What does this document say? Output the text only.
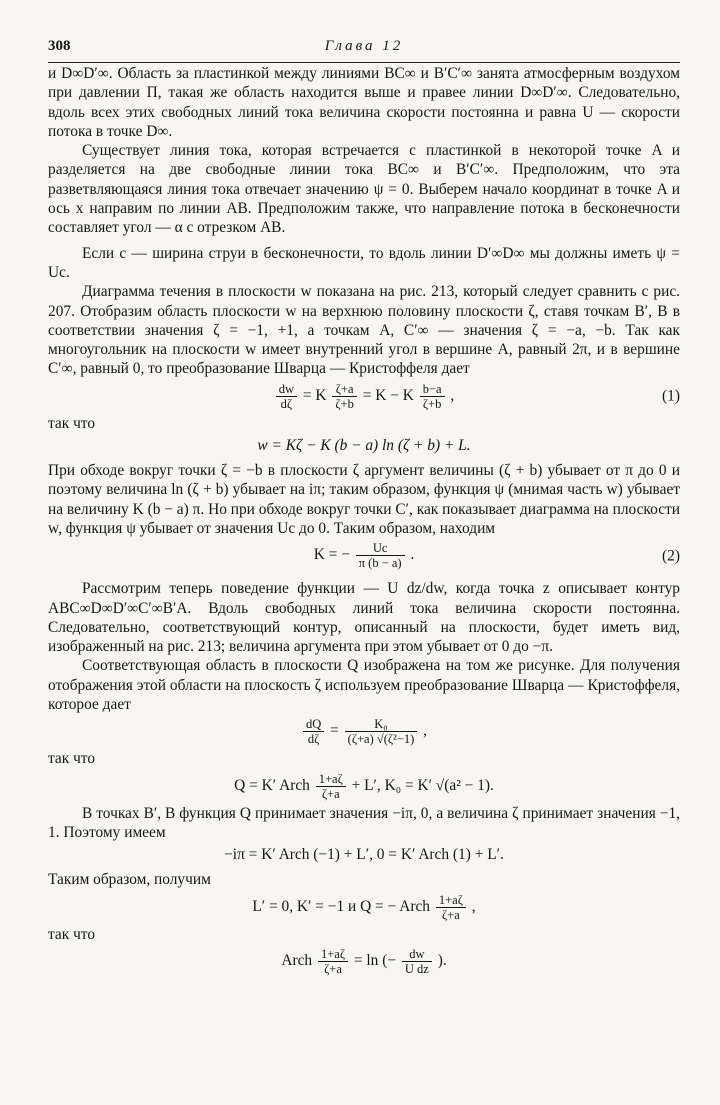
308	Глава 12

и D∞D′∞. Область за пластинкой между линиями BC∞ и B′C′∞ занята атмосферным воздухом при давлении П, такая же область находится выше и правее линии D∞D′∞. Следовательно, вдоль всех этих свободных линий тока величина скорости постоянна и равна U — скорости потока в точке D∞.

Существует линия тока, которая встречается с пластинкой в некоторой точке A и разделяется на две свободные линии тока BC∞ и B′C′∞. Предположим, что эта разветвляющаяся линия тока отвечает значению ψ = 0. Выберем начало координат в точке A и ось x направим по линии AB. Предположим также, что направление потока в бесконечности составляет угол — α с отрезком AB.

Если c — ширина струи в бесконечности, то вдоль линии D′∞D∞ мы должны иметь ψ = Uc.

Диаграмма течения в плоскости w показана на рис. 213, который следует сравнить с рис. 207. Отобразим область плоскости w на верхнюю половину плоскости ζ, ставя точкам B′, B в соответствии значения ζ = −1, +1, а точкам A, C′∞ — значения ζ = −a, −b. Так как многоугольник на плоскости w имеет внутренний угол в вершине A, равный 2π, и в вершине C′∞, равный 0, то преобразование Шварца — Кристоффеля дает

$\frac{dw}{d\zeta} = K \frac{\zeta+a}{\zeta+b} = K - K \frac{b-a}{\zeta+b}$ ,	(1)

так что

w = Kζ − K (b − a) ln (ζ + b) + L.

При обходе вокруг точки ζ = −b в плоскости ζ аргумент величины (ζ + b) убывает от π до 0 и поэтому величина ln (ζ + b) убывает на iπ; таким образом, функция ψ (мнимая часть w) убывает на величину K (b − a) π. Но при обходе вокруг точки C′, как показывает диаграмма на плоскости w, функция ψ убывает от значения Uc до 0. Таким образом, находим

K = − $\frac{Uc}{\pi (b - a)}$ .	(2)

Рассмотрим теперь поведение функции — U dz/dw, когда точка z описывает контур ABC∞D∞D′∞C′∞B′A. Вдоль свободных линий тока величина скорости постоянна. Следовательно, соответствующий контур, описанный на плоскости, будет иметь вид, изображенный на рис. 213; величина аргумента при этом убывает от 0 до −π.

Соответствующая область в плоскости Q изображена на том же рисунке. Для получения отображения этой области на плоскость ζ используем преобразование Шварца — Кристоффеля, которое дает

$\frac{dQ}{d\zeta} = \frac{\text{K₀}}{\text{(ζ+a) √(ζ²−1)}}$ ,

так что

Q = K′ Arch $\frac{1+a\zeta}{\zeta+a} + L'$, K₀ = K′ √(a² − 1).

В точках B′, B функция Q принимает значения −iπ, 0, а величина ζ принимает значения −1, 1. Поэтому имеем

−iπ = K′ Arch (−1) + L′, 0 = K′ Arch (1) + L′.

Таким образом, получим

L′ = 0, K′ = −1 и Q = − Arch $\frac{1+a\zeta}{\zeta+a}$ ,

так что

Arch $\frac{1+a\zeta}{\zeta+a} = \ln$ (− $\frac{dw}{\text{U dz}}$ ).
